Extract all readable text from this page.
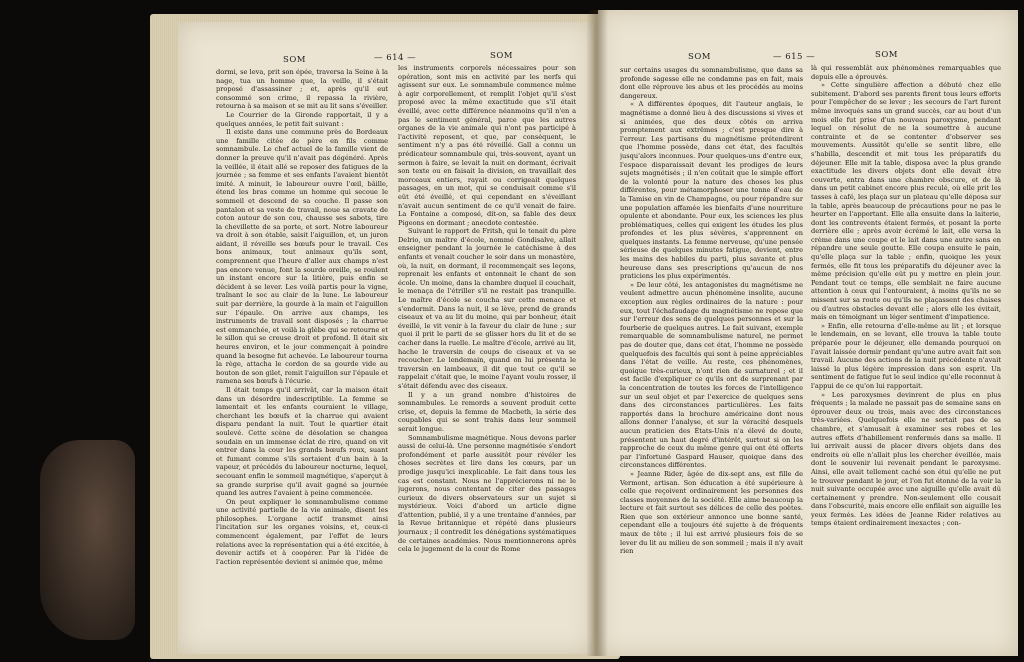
SOM	— 614 —	SOM

dormi, se leva, prit son épée, traversa la Seine à la nage, tua un homme que, la veille, il s'était proposé d'assassiner ; et, après qu'il eut consommé son crime, il repassa la rivière, retourna à sa maison et se mit au lit sans s'éveiller.

Le Courrier de la Gironde rapportait, il y a quelques années, le petit fait suivant :

Il existe dans une commune près de Bordeaux une famille citée de père en fils comme somnambule. Le chef actuel de la famille vient de donner la preuve qu'il n'avait pas dégénéré. Après la veillée, il était allé se reposer des fatigues de la journée ; sa femme et ses enfants l'avaient bientôt imité. A minuit, le laboureur ouvre l'œil, bâille, étend les bras comme un homme qui secoue le sommeil et descend de sa couche. Il passe son pantalon et sa veste de travail, noue sa cravate de coton autour de son cou, chausse ses sabots, tire la chevillette de sa porte, et sort. Notre laboureur va droit à son étable, saisit l'aiguillon, et, un juron aidant, il réveille ses bœufs pour le travail. Ces bons animaux, tout animaux qu'ils sont, comprennent que l'heure d'aller aux champs n'est pas encore venue, font la sourde oreille, se roulent un instant encore sur la litière, puis enfin se décident à se lever. Les voilà partis pour la vigne, traînant le soc au clair de la lune. Le laboureur suit par derrière, la gourde à la main et l'aiguillon sur l'épaule. On arrive aux champs, les instruments de travail sont disposés ; la charrue est emmanchée, et voilà la glèbe qui se retourne et le sillon qui se creuse droit et profond. Il était six heures environ, et le jour commençait à poindre quand la besogne fut achevée. Le laboureur tourna la rège, attacha le cordon de sa gourde vide au bouton de son gilet, remit l'aiguillon sur l'épaule et ramena ses bœufs à l'écurie.

Il était temps qu'il arrivât, car la maison était dans un désordre indescriptible. La femme se lamentait et les enfants couraient le village, cherchant les bœufs et la charrue qui avaient disparu pendant la nuit. Tout le quartier était soulevé. Cette scène de désolation se changea soudain en un immense éclat de rire, quand on vit entrer dans la cour les grands bœufs roux, suant et fumant comme s'ils sortaient d'un bain à la vapeur, et précédés du laboureur nocturne, lequel, secouant enfin le sommeil magnétique, s'aperçut à sa grande surprise qu'il avait gagné sa journée quand les autres l'avaient à peine commencée.

On peut expliquer le somnambulisme comme une activité partielle de la vie animale, disent les philosophes. L'organe actif transmet ainsi l'incitation sur les organes voisins, et, ceux-ci commencent également, par l'effet de leurs relations avec la représentation qui a été excitée, à devenir actifs et à coopérer. Par là l'idée de l'action représentée devient si animée que, même

les instruments corporels nécessaires pour son opération, sont mis en activité par les nerfs qui agissent sur eux. Le somnambule commence même à agir corporellement, et remplit l'objet qu'il s'est proposé avec la même exactitude que s'il était éveillé, avec cette différence néanmoins qu'il n'en a pas le sentiment général, parce que les autres organes de la vie animale qui n'ont pas participé à l'activité reposent, et que, par conséquent, le sentiment n'y a pas été réveillé. Gall a connu un prédicateur somnambule qui, très-souvent, ayant un sermon à faire, se levait la nuit en dormant, écrivait son texte ou en faisait la division, en travaillait des morceaux entiers, rayait ou corrigeait quelques passages, en un mot, qui se conduisait comme s'il eût été éveillé, et qui cependant en s'éveillant n'avait aucun sentiment de ce qu'il venait de faire. La Fontaine a composé, dit-on, sa fable des deux Pigeons en dormant ; anecdote contestée.

Suivant le rapport de Fritsh, qui le tenait du père Delrio, un maître d'école, nommé Gondisalve, allait enseigner pendant la journée le catéchisme à des enfants et venait coucher le soir dans un monastère, où, la nuit, en dormant, il recommençait ses leçons, reprenait les enfants et entonnait le chant de son école. Un moine, dans la chambre duquel il couchait, le menaça de l'étriller s'il ne restait pas tranquille. Le maître d'école se coucha sur cette menace et s'endormit. Dans la nuit, il se lève, prend de grands ciseaux et va au lit du moine, qui par bonheur, était éveillé, le vit venir à la faveur du clair de lune ; sur quoi il prit le parti de se glisser hors du lit et de se cacher dans la ruelle. Le maître d'école, arrivé au lit, hache le traversin de coups de ciseaux et va se recoucher. Le lendemain, quand on lui présenta le traversin en lambeaux, il dit que tout ce qu'il se rappelait c'était que, le moine l'ayant voulu rosser, il s'était défendu avec des ciseaux.

Il y a un grand nombre d'histoires de somnambules. Le remords a souvent produit cette crise, et, depuis la femme de Macbeth, la série des coupables qui se sont trahis dans leur sommeil serait longue.

Somnambulisme magnétique. Nous devons parler aussi de celui-là. Une personne magnétisée s'endort profondément et parle aussitôt pour révéler les choses secrètes et lire dans les cœurs, par un prodige jusqu'ici inexplicable. Le fait dans tous les cas est constant. Nous ne l'apprécierons ni ne le jugerons, nous contentant de citer des passages curieux de divers observateurs sur un sujet si mystérieux. Voici d'abord un article digne d'attention, publié, il y a une trentaine d'années, par la Revue britannique et répété dans plusieurs journaux ; il contredit les dénégations systématiques de certaines académies. Nous mentionnerons après cela le jugement de la cour de Rome

SOM	— 615 —	SOM

sur certains usages du somnambulisme, que dans sa profonde sagesse elle ne condamne pas en fait, mais dont elle réprouve les abus et les procédés au moins dangereux.

« A différentes époques, dit l'auteur anglais, le magnétisme a donné lieu à des discussions si vives et si animées, que des deux côtés on arriva promptement aux extrêmes ; c'est presque dire à l'erreur. Les partisans du magnétisme prétendirent que l'homme possède, dans cet état, des facultés jusqu'alors inconnues. Pour quelques-uns d'entre eux, l'espace disparaissait devant les prodiges de leurs sujets magnétisés ; il n'en coûtait que le simple effort de la volonté pour la nature des choses les plus différentes, pour métamorphoser une tonne d'eau de la Tamise en vin de Champagne, ou pour répandre sur une population affamée les bienfaits d'une nourriture opulente et abondante. Pour eux, les sciences les plus problématiques, celles qui exigent les études les plus profondes et les plus sévères, s'apprennent en quelques instants. La femme nerveuse, qu'une pensée sérieuse de quelques minutes fatigue, devient, entre les mains des habiles du parti, plus savante et plus heureuse dans ses prescriptions qu'aucun de nos praticiens les plus expérimentés.

» De leur côté, les antagonistes du magnétisme ne veulent admettre aucun phénomène insolite, aucune exception aux règles ordinaires de la nature : pour eux, tout l'échafaudage du magnétisme ne repose que sur l'erreur des sens de quelques personnes et sur la fourberie de quelques autres. Le fait suivant, exemple remarquable de somnambulisme naturel, ne permet pas de douter que, dans cet état, l'homme ne possède quelquefois des facultés qui sont à peine appréciables dans l'état de veille. Au reste, ces phénomènes, quoique très-curieux, n'ont rien de surnaturel ; et il est facile d'expliquer ce qu'ils ont de surprenant par la concentration de toutes les forces de l'intelligence sur un seul objet et par l'exercice de quelques sens dans des circonstances particulières. Les faits rapportés dans la brochure américaine dont nous allons donner l'analyse, et sur la véracité desquels aucun praticien des États-Unis n'a élevé de doute, présentent un haut degré d'intérêt, surtout si on les rapproche de ceux du même genre qui ont été offerts par l'infortuné Gaspard Hauser, quoique dans des circonstances différentes.

» Jeanne Rider, âgée de dix-sept ans, est fille de Vermont, artisan. Son éducation a été supérieure à celle que reçoivent ordinairement les personnes des classes moyennes de la société. Elle aime beaucoup la lecture et fait surtout ses délices de celle des poètes. Rien que son extérieur annonce une bonne santé, cependant elle a toujours été sujette à de fréquents maux de tête ; il lui est arrivé plusieurs fois de se lever du lit au milieu de son sommeil ; mais il n'y avait rien

là qui ressemblât aux phénomènes remarquables que depuis elle a éprouvés.

» Cette singulière affection a débuté chez elle subitement. D'abord ses parents firent tous leurs efforts pour l'empêcher de se lever ; les secours de l'art furent même invoqués sans un grand succès, car au bout d'un mois elle fut prise d'un nouveau paroxysme, pendant lequel on résolut de ne la soumettre à aucune contrainte et de se contenter d'observer ses mouvements. Aussitôt qu'elle se sentit libre, elle s'habilla, descendit et mit tous les préparatifs du déjeuner. Elle mit la table, disposa avec la plus grande exactitude les divers objets dont elle devait être couverte, entra dans une chambre obscure, et de là dans un petit cabinet encore plus reculé, où elle prit les tasses à café, les plaça sur un plateau qu'elle déposa sur la table, après beaucoup de précautions pour ne pas le heurter en l'apportant. Elle alla ensuite dans la laiterie, dont les contrevents étaient fermés, et posant la porte derrière elle ; après avoir écrémé le lait, elle versa la crème dans une coupe et le lait dans une autre sans en répandre une seule goutte. Elle coupa ensuite le pain, qu'elle plaça sur la table ; enfin, quoique les yeux fermés, elle fit tous les préparatifs du déjeuner avec la même précision qu'elle eût pu y mettre en plein jour. Pendant tout ce temps, elle semblait ne faire aucune attention à ceux qui l'entouraient, à moins qu'ils ne se missent sur sa route ou qu'ils ne plaçassent des chaises ou d'autres obstacles devant elle ; alors elle les évitait, mais en témoignant un léger sentiment d'impatience.

» Enfin, elle retourna d'elle-même au lit ; et lorsque le lendemain, en se levant, elle trouva la table toute préparée pour le déjeuner, elle demanda pourquoi on l'avait laissée dormir pendant qu'une autre avait fait son travail. Aucune des actions de la nuit précédente n'avait laissé la plus légère impression dans son esprit. Un sentiment de fatigue fut le seul indice qu'elle reconnut à l'appui de ce qu'on lui rapportait.

» Les paroxysmes devinrent de plus en plus fréquents ; la malade ne passait pas de semaine sans en éprouver deux ou trois, mais avec des circonstances très-variées. Quelquefois elle ne sortait pas de sa chambre, et s'amusait à examiner ses robes et les autres effets d'habillement renfermés dans sa malle. Il lui arrivait aussi de placer divers objets dans des endroits où elle n'allait plus les chercher éveillée, mais dont le souvenir lui revenait pendant le paroxysme. Ainsi, elle avait tellement caché son étui qu'elle ne put le trouver pendant le jour, et l'on fut étonné de la voir la nuit suivante occupée avec une aiguille qu'elle avait dû certainement y prendre. Non-seulement elle cousait dans l'obscurité, mais encore elle enfilait son aiguille les yeux fermés. Les idées de Jeanne Rider relatives au temps étaient ordinairement inexactes ; con-
